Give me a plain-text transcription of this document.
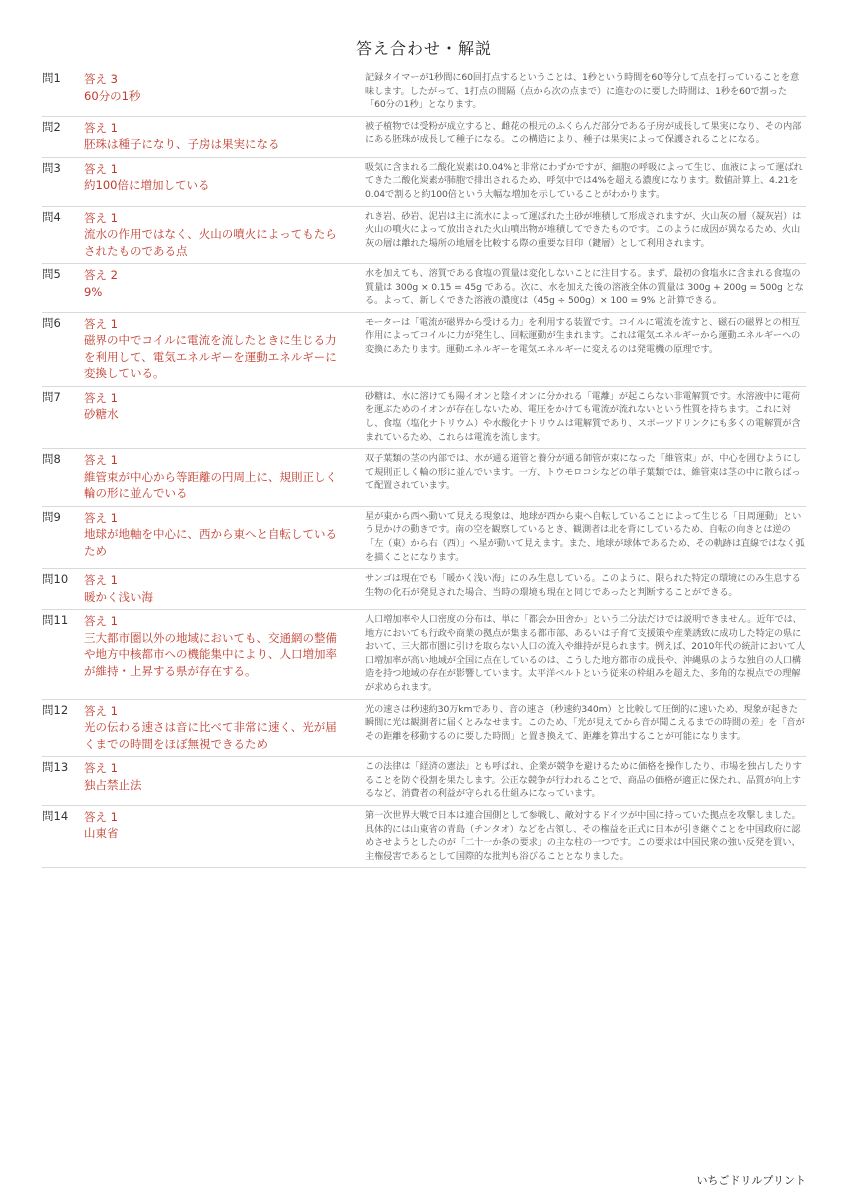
答え合わせ・解説
問1	答え 3
60分の1秒
記録タイマーが1秒間に60回打点するということは、1秒という時間を60等分して点を打っていることを意味します。したがって、1打点の間隔（点から次の点まで）に進むのに要した時間は、1秒を60で割った「60分の1秒」となります。
問2	答え 1
胚珠は種子になり、子房は果実になる
被子植物では受粉が成立すると、雌花の根元のふくらんだ部分である子房が成長して果実になり、その内部にある胚珠が成長して種子になる。この構造により、種子は果実によって保護されることになる。
問3	答え 1
約100倍に増加している
吸気に含まれる二酸化炭素は0.04%と非常にわずかですが、細胞の呼吸によって生じ、血液によって運ばれてきた二酸化炭素が肺胞で排出されるため、呼気中では4%を超える濃度になります。数値計算上、4.21を0.04で割ると約100倍という大幅な増加を示していることがわかります。
問4	答え 1
流水の作用ではなく、火山の噴火によってもたらされたものである点
れき岩、砂岩、泥岩は主に流水によって運ばれた土砂が堆積して形成されますが、火山灰の層（凝灰岩）は火山の噴火によって放出された火山噴出物が堆積してできたものです。このように成因が異なるため、火山灰の層は離れた場所の地層を比較する際の重要な目印（鍵層）として利用されます。
問5	答え 2
9%
水を加えても、溶質である食塩の質量は変化しないことに注目する。まず、最初の食塩水に含まれる食塩の質量は 300g × 0.15 = 45g である。次に、水を加えた後の溶液全体の質量は 300g + 200g = 500g となる。よって、新しくできた溶液の濃度は（45g ÷ 500g）× 100 = 9% と計算できる。
問6	答え 1
磁界の中でコイルに電流を流したときに生じる力を利用して、電気エネルギーを運動エネルギーに変換している。
モーターは「電流が磁界から受ける力」を利用する装置です。コイルに電流を流すと、磁石の磁界との相互作用によってコイルに力が発生し、回転運動が生まれます。これは電気エネルギーから運動エネルギーへの変換にあたります。運動エネルギーを電気エネルギーに変えるのは発電機の原理です。
問7	答え 1
砂糖水
砂糖は、水に溶けても陽イオンと陰イオンに分かれる「電離」が起こらない非電解質です。水溶液中に電荷を運ぶためのイオンが存在しないため、電圧をかけても電流が流れないという性質を持ちます。これに対し、食塩（塩化ナトリウム）や水酸化ナトリウムは電解質であり、スポーツドリンクにも多くの電解質が含まれているため、これらは電流を流します。
問8	答え 1
維管束が中心から等距離の円周上に、規則正しく輪の形に並んでいる
双子葉類の茎の内部では、水が通る道管と養分が通る師管が束になった「維管束」が、中心を囲むようにして規則正しく輪の形に並んでいます。一方、トウモロコシなどの単子葉類では、維管束は茎の中に散らばって配置されています。
問9	答え 1
地球が地軸を中心に、西から東へと自転しているため
星が東から西へ動いて見える現象は、地球が西から東へ自転していることによって生じる「日周運動」という見かけの動きです。南の空を観察しているとき、観測者は北を背にしているため、自転の向きとは逆の「左（東）から右（西）」へ星が動いて見えます。また、地球が球体であるため、その軌跡は直線ではなく弧を描くことになります。
問10	答え 1
暖かく浅い海
サンゴは現在でも「暖かく浅い海」にのみ生息している。このように、限られた特定の環境にのみ生息する生物の化石が発見された場合、当時の環境も現在と同じであったと判断することができる。
問11	答え 1
三大都市圏以外の地域においても、交通網の整備や地方中核都市への機能集中により、人口増加率が維持・上昇する県が存在する。
人口増加率や人口密度の分布は、単に「都会か田舎か」という二分法だけでは説明できません。近年では、地方においても行政や商業の拠点が集まる都市部、あるいは子育て支援策や産業誘致に成功した特定の県において、三大都市圏に引けを取らない人口の流入や維持が見られます。例えば、2010年代の統計において人口増加率が高い地域が全国に点在しているのは、こうした地方都市の成長や、沖縄県のような独自の人口構造を持つ地域の存在が影響しています。太平洋ベルトという従来の枠組みを超えた、多角的な視点での理解が求められます。
問12	答え 1
光の伝わる速さは音に比べて非常に速く、光が届くまでの時間をほぼ無視できるため
光の速さは秒速約30万kmであり、音の速さ（秒速約340m）と比較して圧倒的に速いため、現象が起きた瞬間に光は観測者に届くとみなせます。このため、「光が見えてから音が聞こえるまでの時間の差」を「音がその距離を移動するのに要した時間」と置き換えて、距離を算出することが可能になります。
問13	答え 1
独占禁止法
この法律は「経済の憲法」とも呼ばれ、企業が競争を避けるために価格を操作したり、市場を独占したりすることを防ぐ役割を果たします。公正な競争が行われることで、商品の価格が適正に保たれ、品質が向上するなど、消費者の利益が守られる仕組みになっています。
問14	答え 1
山東省
第一次世界大戦で日本は連合国側として参戦し、敵対するドイツが中国に持っていた拠点を攻撃しました。具体的には山東省の青島（チンタオ）などを占領し、その権益を正式に日本が引き継ぐことを中国政府に認めさせようとしたのが「二十一か条の要求」の主な柱の一つです。この要求は中国民衆の強い反発を買い、主権侵害であるとして国際的な批判も浴びることとなりました。
いちごドリルプリント
